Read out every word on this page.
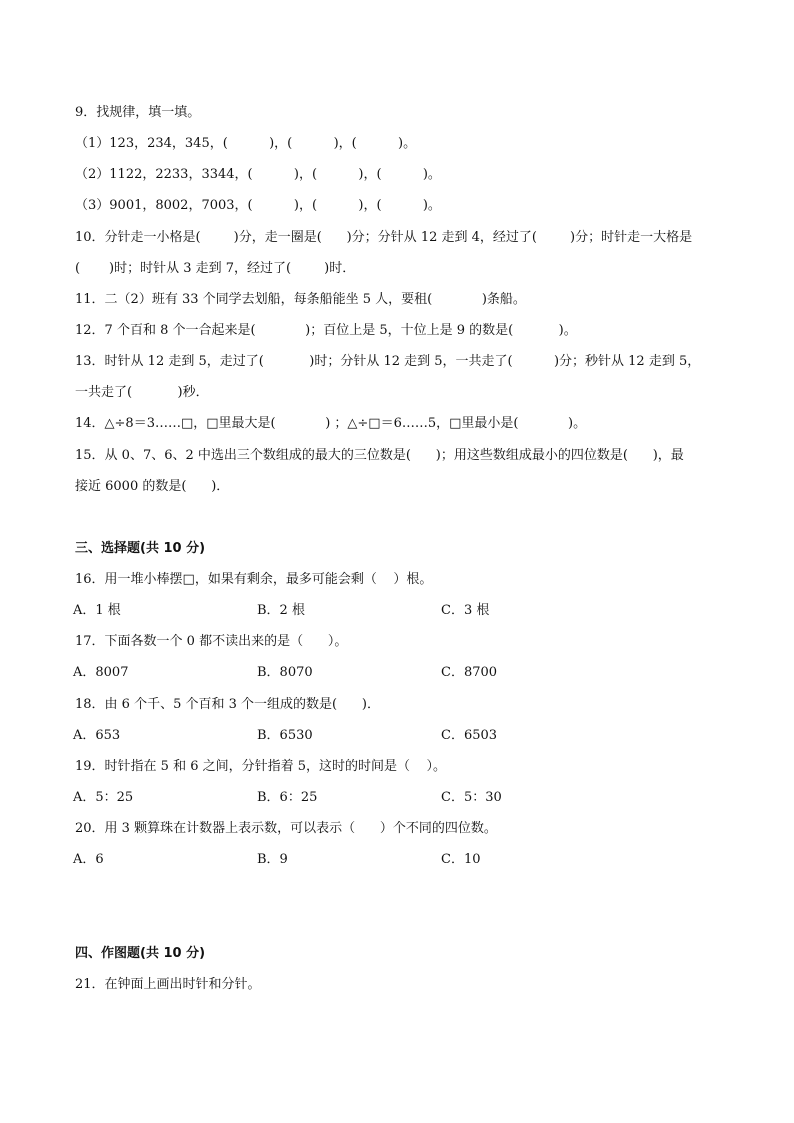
9．找规律，填一填。
（1）123，234，345，(          )，(          )，(          )。
（2）1122，2233，3344，(          )，(          )，(          )。
（3）9001，8002，7003，(          )，(          )，(          )。
10．分针走一小格是(        )分，走一圈是(      )分；分针从 12 走到 4，经过了(        )分；时针走一大格是
(       )时；时针从 3 走到 7，经过了(        )时．
11．二（2）班有 33 个同学去划船，每条船能坐 5 人，要租(            )条船。
12．7 个百和 8 个一合起来是(            )；百位上是 5，十位上是 9 的数是(           )。
13．时针从 12 走到 5，走过了(           )时；分针从 12 走到 5，一共走了(          )分；秒针从 12 走到 5，
一共走了(           )秒．
14．△÷8＝3……□，□里最大是(            ) ；△÷□＝6……5，□里最小是(            )。
15．从 0、7、6、2 中选出三个数组成的最大的三位数是(      )；用这些数组成最小的四位数是(      )，最
接近 6000 的数是(      )．
三、选择题(共 10 分)
16．用一堆小棒摆□，如果有剩余，最多可能会剩（    ）根。
A．1 根	B．2 根	C．3 根
17．下面各数一个 0 都不读出来的是（      ）。
A．8007	B．8070	C．8700
18．由 6 个千、5 个百和 3 个一组成的数是(      )．
A．653	B．6530	C．6503
19．时针指在 5 和 6 之间，分针指着 5，这时的时间是（    ）。
A．5：25	B．6：25	C．5：30
20．用 3 颗算珠在计数器上表示数，可以表示（      ）个不同的四位数。
A．6	B．9	C．10
四、作图题(共 10 分)
21．在钟面上画出时针和分针。
